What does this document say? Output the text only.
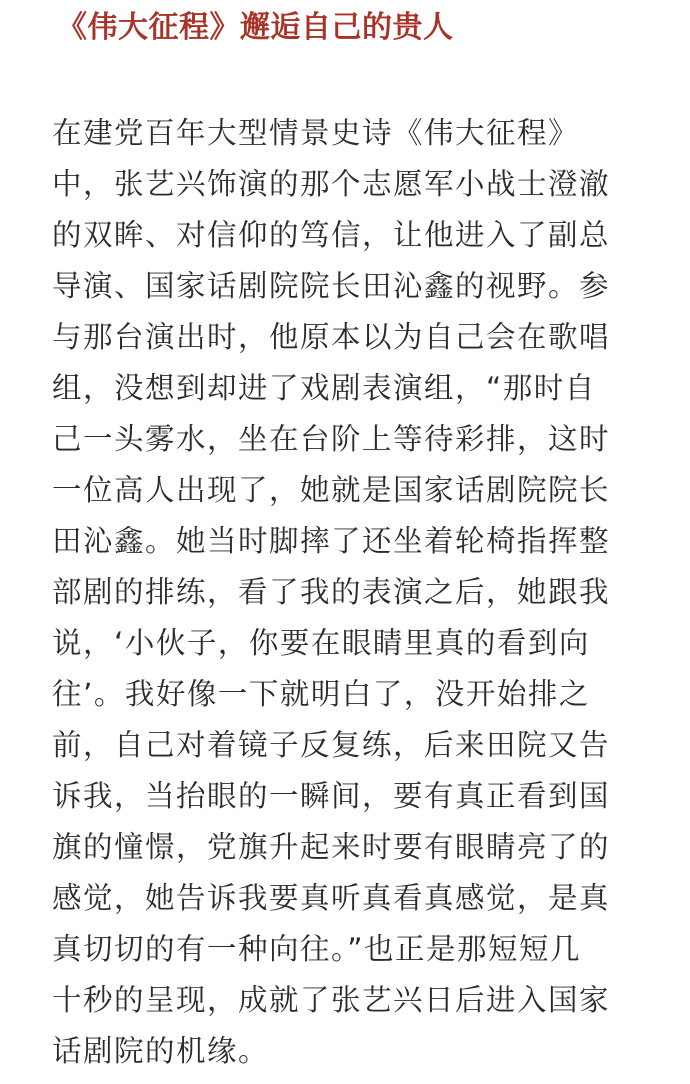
《伟大征程》邂逅自己的贵人
在建党百年大型情景史诗《伟大征程》
中，张艺兴饰演的那个志愿军小战士澄澈
的双眸、对信仰的笃信，让他进入了副总
导演、国家话剧院院长田沁鑫的视野。参
与那台演出时，他原本以为自己会在歌唱
组，没想到却进了戏剧表演组，“那时自
己一头雾水，坐在台阶上等待彩排，这时
一位高人出现了，她就是国家话剧院院长
田沁鑫。她当时脚摔了还坐着轮椅指挥整
部剧的排练，看了我的表演之后，她跟我
说，‘小伙子，你要在眼睛里真的看到向
往’。我好像一下就明白了，没开始排之
前，自己对着镜子反复练，后来田院又告
诉我，当抬眼的一瞬间，要有真正看到国
旗的憧憬，党旗升起来时要有眼睛亮了的
感觉，她告诉我要真听真看真感觉，是真
真切切的有一种向往。”也正是那短短几
十秒的呈现，成就了张艺兴日后进入国家
话剧院的机缘。
